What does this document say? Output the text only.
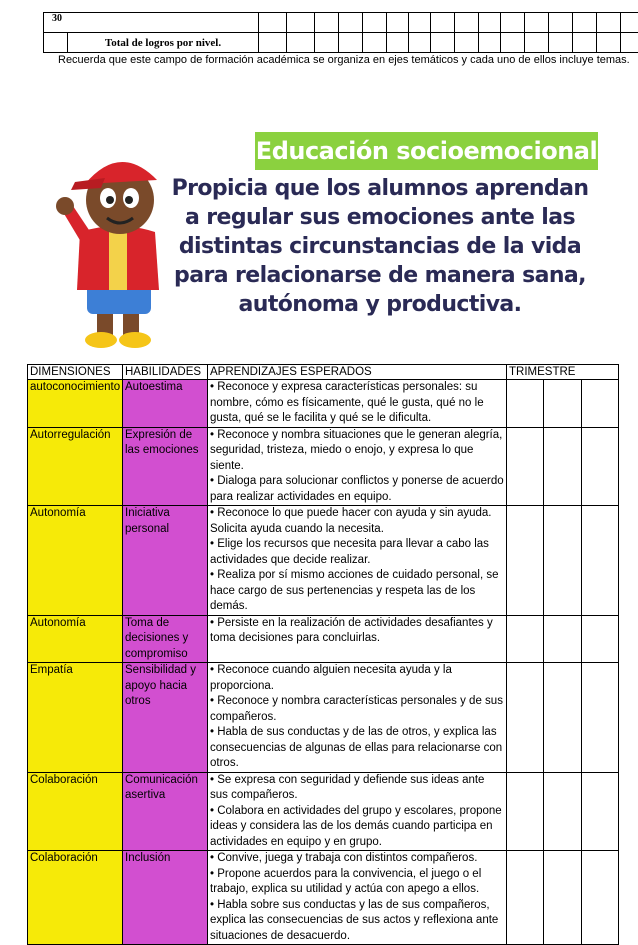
30																	
	Total de logros por nivel.																
Recuerda que este campo de formación académica se organiza en ejes temáticos y cada uno de ellos incluye temas.
Educación socioemocional
Propicia que los alumnos aprendan
a regular sus emociones ante las
distintas circunstancias de la vida
para relacionarse de manera sana,
autónoma y productiva.
DIMENSIONES	HABILIDADES	APRENDIZAJES ESPERADOS	TRIMESTRE		
autoconocimiento	Autoestima	• Reconoce y expresa características personales: su nombre, cómo es físicamente, qué le gusta, qué no le gusta, qué se le facilita y qué se le dificulta.			

Autorregulación	Expresión de las emociones	• Reconoce y nombra situaciones que le generan alegría, seguridad, tristeza, miedo o enojo, y expresa lo que siente.
• Dialoga para solucionar conflictos y ponerse de acuerdo para realizar actividades en equipo.			

Autonomía	Iniciativa personal	• Reconoce lo que puede hacer con ayuda y sin ayuda. Solicita ayuda cuando la necesita.
• Elige los recursos que necesita para llevar a cabo las actividades que decide realizar.
• Realiza por sí mismo acciones de cuidado personal, se hace cargo de sus pertenencias y respeta las de los demás.			

Autonomía	Toma de decisiones y compromiso	• Persiste en la realización de actividades desafiantes y toma decisiones para concluirlas.			

Empatía	Sensibilidad y apoyo hacia otros	• Reconoce cuando alguien necesita ayuda y la proporciona.
• Reconoce y nombra características personales y de sus compañeros.
• Habla de sus conductas y de las de otros, y explica las consecuencias de algunas de ellas para relacionarse con otros.			

Colaboración	Comunicación asertiva	• Se expresa con seguridad y defiende sus ideas ante sus compañeros.
• Colabora en actividades del grupo y escolares, propone ideas y considera las de los demás cuando participa en actividades en equipo y en grupo.			

Colaboración	Inclusión	• Convive, juega y trabaja con distintos compañeros.
• Propone acuerdos para la convivencia, el juego o el trabajo, explica su utilidad y actúa con apego a ellos.
• Habla sobre sus conductas y las de sus compañeros, explica las consecuencias de sus actos y reflexiona ante situaciones de desacuerdo.			
